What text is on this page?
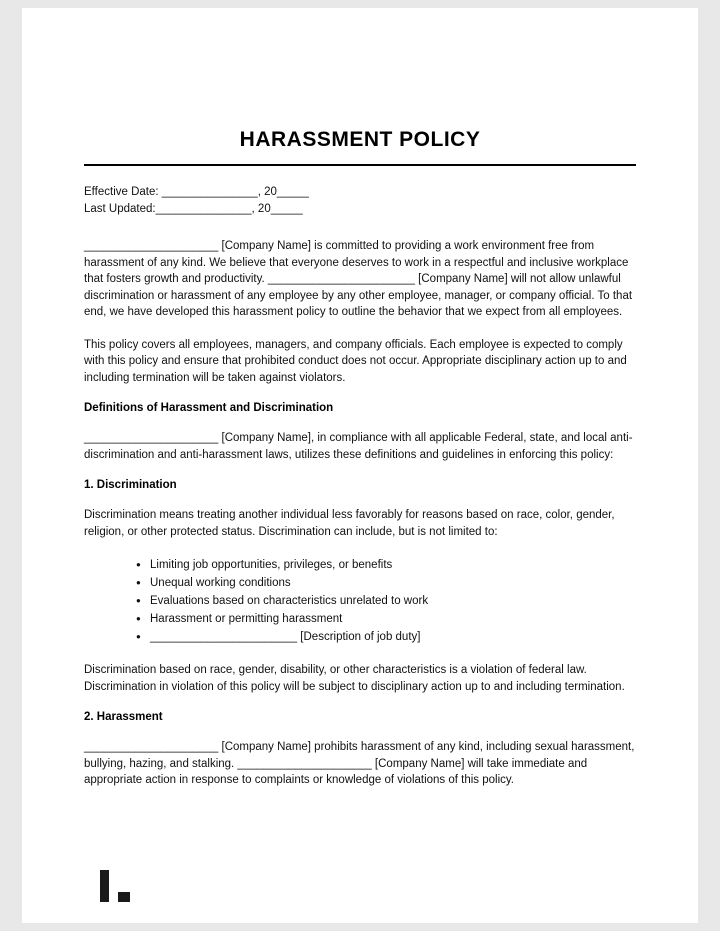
HARASSMENT POLICY
Effective Date: _______________, 20_____
Last Updated:_______________, 20_____

_____________________ [Company Name] is committed to providing a work environment free from harassment of any kind. We believe that everyone deserves to work in a respectful and inclusive workplace that fosters growth and productivity. _______________________ [Company Name] will not allow unlawful discrimination or harassment of any employee by any other employee, manager, or company official. To that end, we have developed this harassment policy to outline the behavior that we expect from all employees.

This policy covers all employees, managers, and company officials. Each employee is expected to comply with this policy and ensure that prohibited conduct does not occur. Appropriate disciplinary action up to and including termination will be taken against violators.

Definitions of Harassment and Discrimination

_____________________ [Company Name], in compliance with all applicable Federal, state, and local anti-discrimination and anti-harassment laws, utilizes these definitions and guidelines in enforcing this policy:

1. Discrimination

Discrimination means treating another individual less favorably for reasons based on race, color, gender, religion, or other protected status. Discrimination can include, but is not limited to:

● Limiting job opportunities, privileges, or benefits
● Unequal working conditions
● Evaluations based on characteristics unrelated to work
● Harassment or permitting harassment
● _______________________ [Description of job duty]

Discrimination based on race, gender, disability, or other characteristics is a violation of federal law. Discrimination in violation of this policy will be subject to disciplinary action up to and including termination.

2. Harassment

_____________________ [Company Name] prohibits harassment of any kind, including sexual harassment, bullying, hazing, and stalking. _____________________ [Company Name] will take immediate and appropriate action in response to complaints or knowledge of violations of this policy.
